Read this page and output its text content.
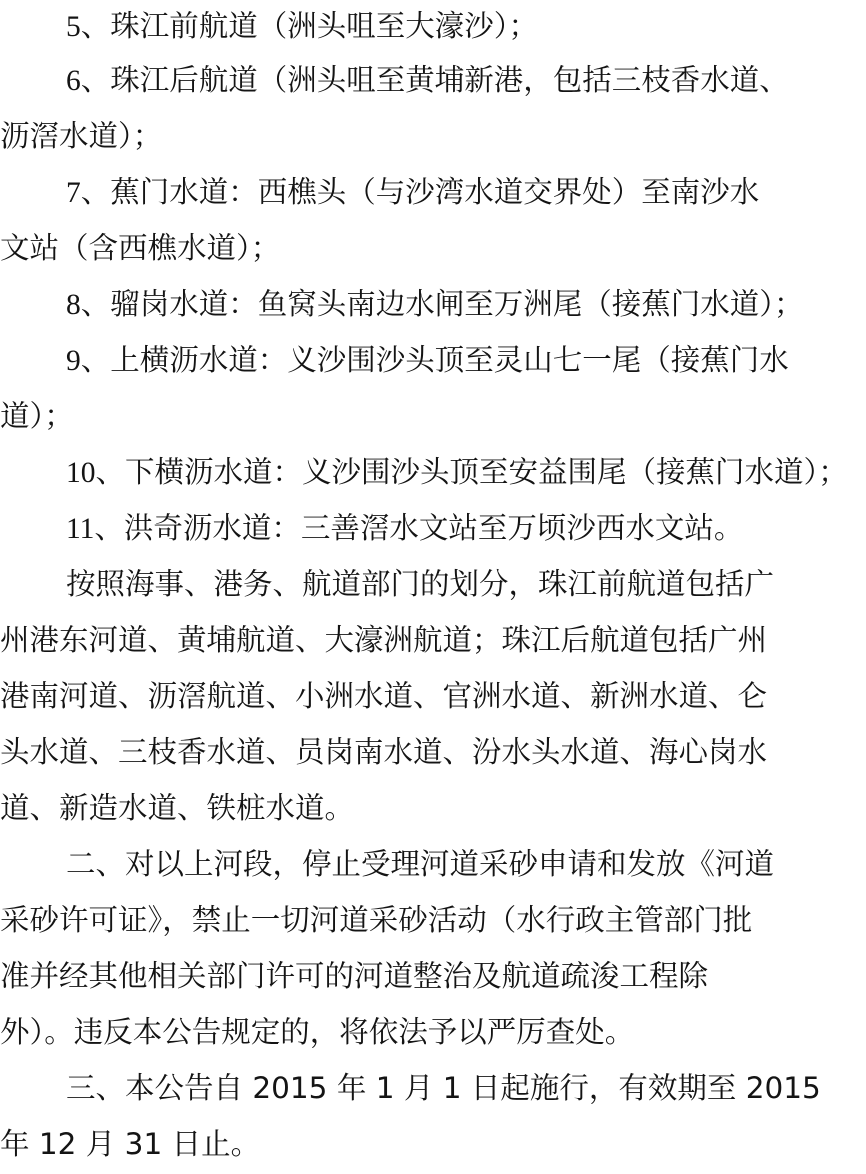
5、珠江前航道（洲头咀至大濠沙）；
6、珠江后航道（洲头咀至黄埔新港，包括三枝香水道、
沥滘水道）；
7、蕉门水道：西樵头（与沙湾水道交界处）至南沙水
文站（含西樵水道）；
8、骝岗水道：鱼窝头南边水闸至万洲尾（接蕉门水道）；
9、上横沥水道：义沙围沙头顶至灵山七一尾（接蕉门水
道）；
10、下横沥水道：义沙围沙头顶至安益围尾（接蕉门水道）；
11、洪奇沥水道：三善滘水文站至万顷沙西水文站。
按照海事、港务、航道部门的划分，珠江前航道包括广
州港东河道、黄埔航道、大濠洲航道；珠江后航道包括广州
港南河道、沥滘航道、小洲水道、官洲水道、新洲水道、仑
头水道、三枝香水道、员岗南水道、汾水头水道、海心岗水
道、新造水道、铁桩水道。
二、对以上河段，停止受理河道采砂申请和发放《河道
采砂许可证》，禁止一切河道采砂活动（水行政主管部门批
准并经其他相关部门许可的河道整治及航道疏浚工程除
外）。违反本公告规定的，将依法予以严厉查处。
三、本公告自 2015 年 1 月 1 日起施行，有效期至 2015
年 12 月 31 日止。
